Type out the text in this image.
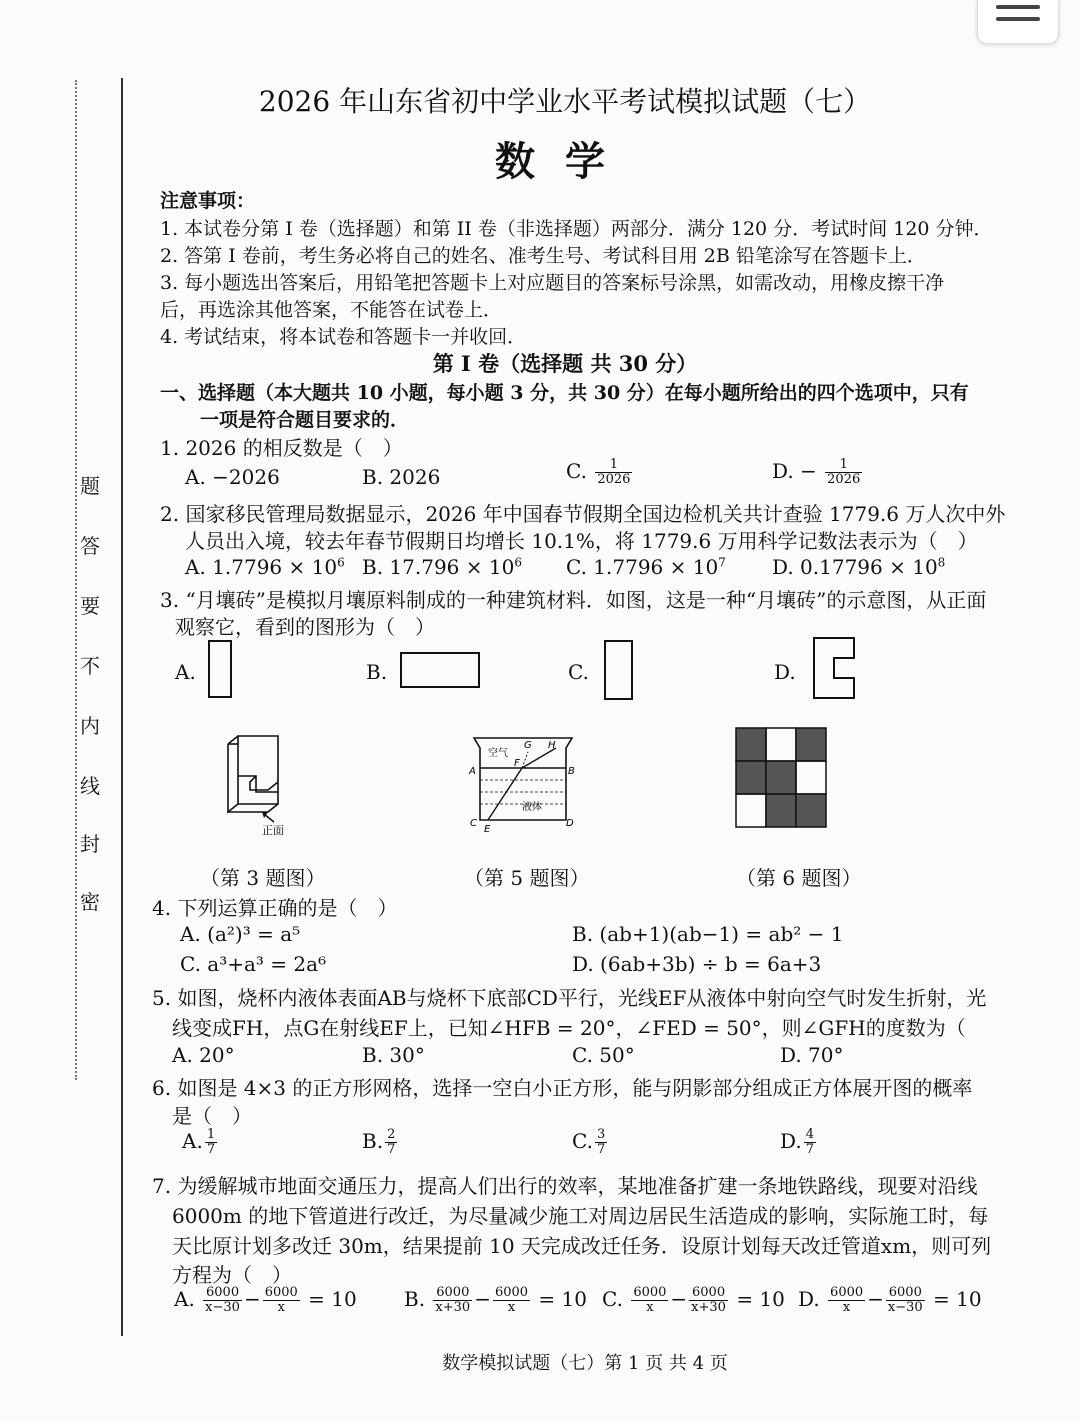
题
答
要
不
内
线
封
密
2026 年山东省初中学业水平考试模拟试题（七）
数学
注意事项：
1. 本试卷分第 I 卷（选择题）和第 II 卷（非选择题）两部分．满分 120 分．考试时间 120 分钟．
2. 答第 I 卷前，考生务必将自己的姓名、准考生号、考试科目用 2B 铅笔涂写在答题卡上．
3. 每小题选出答案后，用铅笔把答题卡上对应题目的答案标号涂黑，如需改动，用橡皮擦干净
后，再选涂其他答案，不能答在试卷上．
4. 考试结束，将本试卷和答题卡一并收回．
第 I 卷（选择题 共 30 分）
一、选择题（本大题共 10 小题，每小题 3 分，共 30 分）在每小题所给出的四个选项中，只有
一项是符合题目要求的．
1. 2026 的相反数是（　）
A. −2026	B. 2026	C. $\frac{1}{2026}$	D. − $\frac{1}{2026}$
2. 国家移民管理局数据显示，2026 年中国春节假期全国边检机关共计查验 1779.6 万人次中外
人员出入境，较去年春节假期日均增长 10.1%，将 1779.6 万用科学记数法表示为（　）
A. $1.7796 \times 10^6$ B. $17.796 \times 10^6$ C. $1.7796 \times 10^7$ D. $0.17796 \times 10^8$
3. “月壤砖”是模拟月壤原料制成的一种建筑材料．如图，这是一种“月壤砖”的示意图，从正面
观察它，看到的图形为（　）
A.	B.	C.	D.
正面
（第 3 题图）
空气
液体
A	B
C	D
E
F
G H
（第 5 题图）	（第 6 题图）
4. 下列运算正确的是（　）
A. (a²)³ = a⁵	B. (ab+1)(ab−1) = ab² − 1
C. a³+a³ = 2a⁶	D. (6ab+3b) ÷ b = 6a+3
5. 如图，烧杯内液体表面AB与烧杯下底部CD平行，光线EF从液体中射向空气时发生折射，光
线变成FH，点G在射线EF上，已知∠HFB = 20°，∠FED = 50°，则∠GFH的度数为（
A. 20°	B. 30°	C. 50°	D. 70°
6. 如图是 4×3 的正方形网格，选择一空白小正方形，能与阴影部分组成正方体展开图的概率
是（　）
A. $\frac{1}{7}$	B. $\frac{2}{7}$	C. $\frac{3}{7}$	D. $\frac{4}{7}$
7. 为缓解城市地面交通压力，提高人们出行的效率，某地准备扩建一条地铁路线，现要对沿线
6000m 的地下管道进行改迁，为尽量减少施工对周边居民生活造成的影响，实际施工时，每
天比原计划多改迁 30m，结果提前 10 天完成改迁任务．设原计划每天改迁管道xm，则可列
方程为（　）
A. $\frac{6000}{x-30} - \frac{6000}{x} = 10$ B. $\frac{6000}{x+30} - \frac{6000}{x} = 10$ C. $\frac{6000}{x} - \frac{6000}{x+30} = 10$ D. $\frac{6000}{x} - \frac{6000}{x-30} = 10$
数学模拟试题（七）第 1 页 共 4 页
